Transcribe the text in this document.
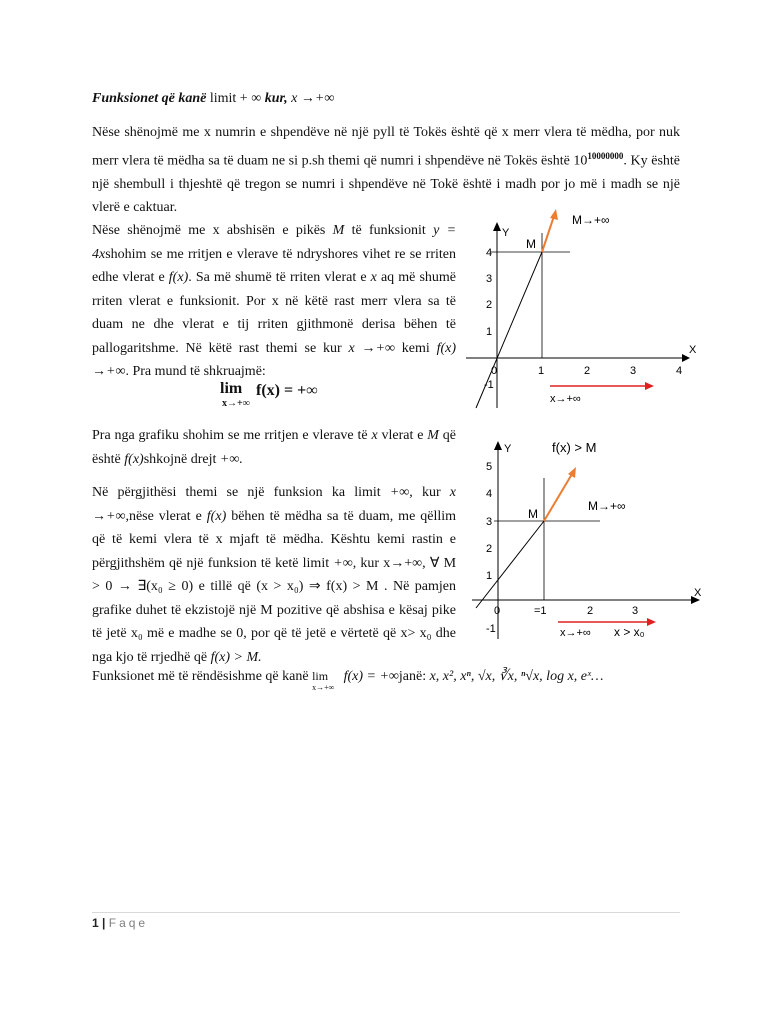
Funksionet që kanë limit + ∞ kur, x →+∞
Nëse shënojmë me x numrin e shpendëve në një pyll të Tokës është që x merr vlera të mëdha, por nuk merr vlera të mëdha sa të duam ne si p.sh themi që numri i shpendëve në Tokës është $10^{10000000}$. Ky është një shembull i thjeshtë që tregon se numri i shpendëve në Tokë është i madh por jo më i madh se një vlerë e caktuar.
Nëse shënojmë me x abshisën e pikës M të funksionit y = 4xshohim se me rritjen e vlerave të ndryshores vihet re se rriten edhe vlerat e f(x). Sa më shumë të rriten vlerat e x aq më shumë rriten vlerat e funksionit. Por x në këtë rast merr vlera sa të duam ne dhe vlerat e tij rriten gjithmonë derisa bëhen të pallogaritshme. Në këtë rast themi se kur x →+∞ kemi f(x) →+∞. Pra mund të shkruajmë:
lim
x→+∞
f(x) = +∞
Pra nga grafiku shohim se me rritjen e vlerave të x vlerat e M që është f(x)shkojnë drejt +∞.
Në përgjithësi themi se një funksion ka limit +∞, kur x →+∞,nëse vlerat e f(x) bëhen të mëdha sa të duam, me qëllim që të kemi vlera të x mjaft të mëdha. Kështu kemi rastin e përgjithshëm që një funksion të ketë limit +∞, kur x→+∞, ∀ M > 0 → ∃(x₀ ≥ 0) e tillë që (x > x₀) ⇒ f(x) > M . Në pamjen grafike duhet të ekzistojë një M pozitive që abshisa e kësaj pike të jetë x₀ më e madhe se 0, por që të jetë e vërtetë që x> x₀ dhe nga kjo të rrjedhë që f(x) > M.
Funksionet më të rëndësishme që kanë lim
x→+∞
f(x) = +∞janë: x, x², xⁿ, √x, ∛x, ⁿ√x, log x, eˣ…
4
3
2
1
-1
0	1	2	3	4
Y
X
M
M→+∞
x→+∞
5
4
3
2
1
-1
0	=1	2	3
Y
X
M
f(x) > M
M→+∞
x→+∞ x > x₀
1 | Faqe
